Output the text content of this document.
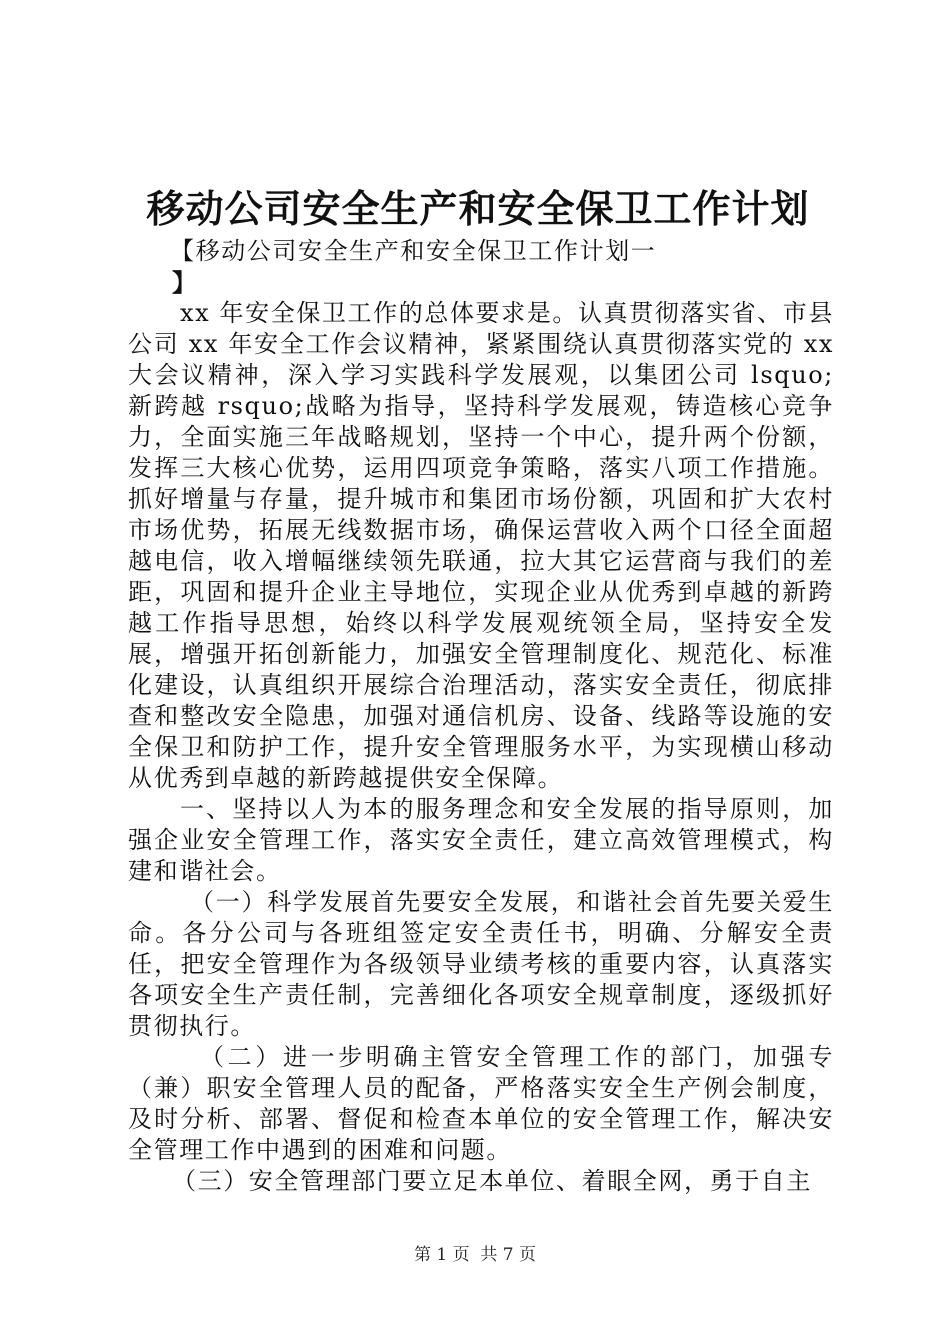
移动公司安全生产和安全保卫工作计划

【移动公司安全生产和安全保卫工作计划一

】

xx 年安全保卫工作的总体要求是。认真贯彻落实省、市县公司 xx 年安全工作会议精神，紧紧围绕认真贯彻落实党的 xx 大会议精神，深入学习实践科学发展观，以集团公司 lsquo;新跨越 rsquo;战略为指导，坚持科学发展观，铸造核心竞争力，全面实施三年战略规划，坚持一个中心，提升两个份额，发挥三大核心优势，运用四项竞争策略，落实八项工作措施。抓好增量与存量，提升城市和集团市场份额，巩固和扩大农村市场优势，拓展无线数据市场，确保运营收入两个口径全面超越电信，收入增幅继续领先联通，拉大其它运营商与我们的差距，巩固和提升企业主导地位，实现企业从优秀到卓越的新跨越工作指导思想，始终以科学发展观统领全局，坚持安全发展，增强开拓创新能力，加强安全管理制度化、规范化、标准化建设，认真组织开展综合治理活动，落实安全责任，彻底排查和整改安全隐患，加强对通信机房、设备、线路等设施的安全保卫和防护工作，提升安全管理服务水平，为实现横山移动从优秀到卓越的新跨越提供安全保障。

一、坚持以人为本的服务理念和安全发展的指导原则，加强企业安全管理工作，落实安全责任，建立高效管理模式，构建和谐社会。

（一）科学发展首先要安全发展，和谐社会首先要关爱生命。各分公司与各班组签定安全责任书，明确、分解安全责任，把安全管理作为各级领导业绩考核的重要内容，认真落实各项安全生产责任制，完善细化各项安全规章制度，逐级抓好贯彻执行。

（二）进一步明确主管安全管理工作的部门，加强专（兼）职安全管理人员的配备，严格落实安全生产例会制度，及时分析、部署、督促和检查本单位的安全管理工作，解决安全管理工作中遇到的困难和问题。

（三）安全管理部门要立足本单位、着眼全网，勇于自主

第 1 页  共 7 页
